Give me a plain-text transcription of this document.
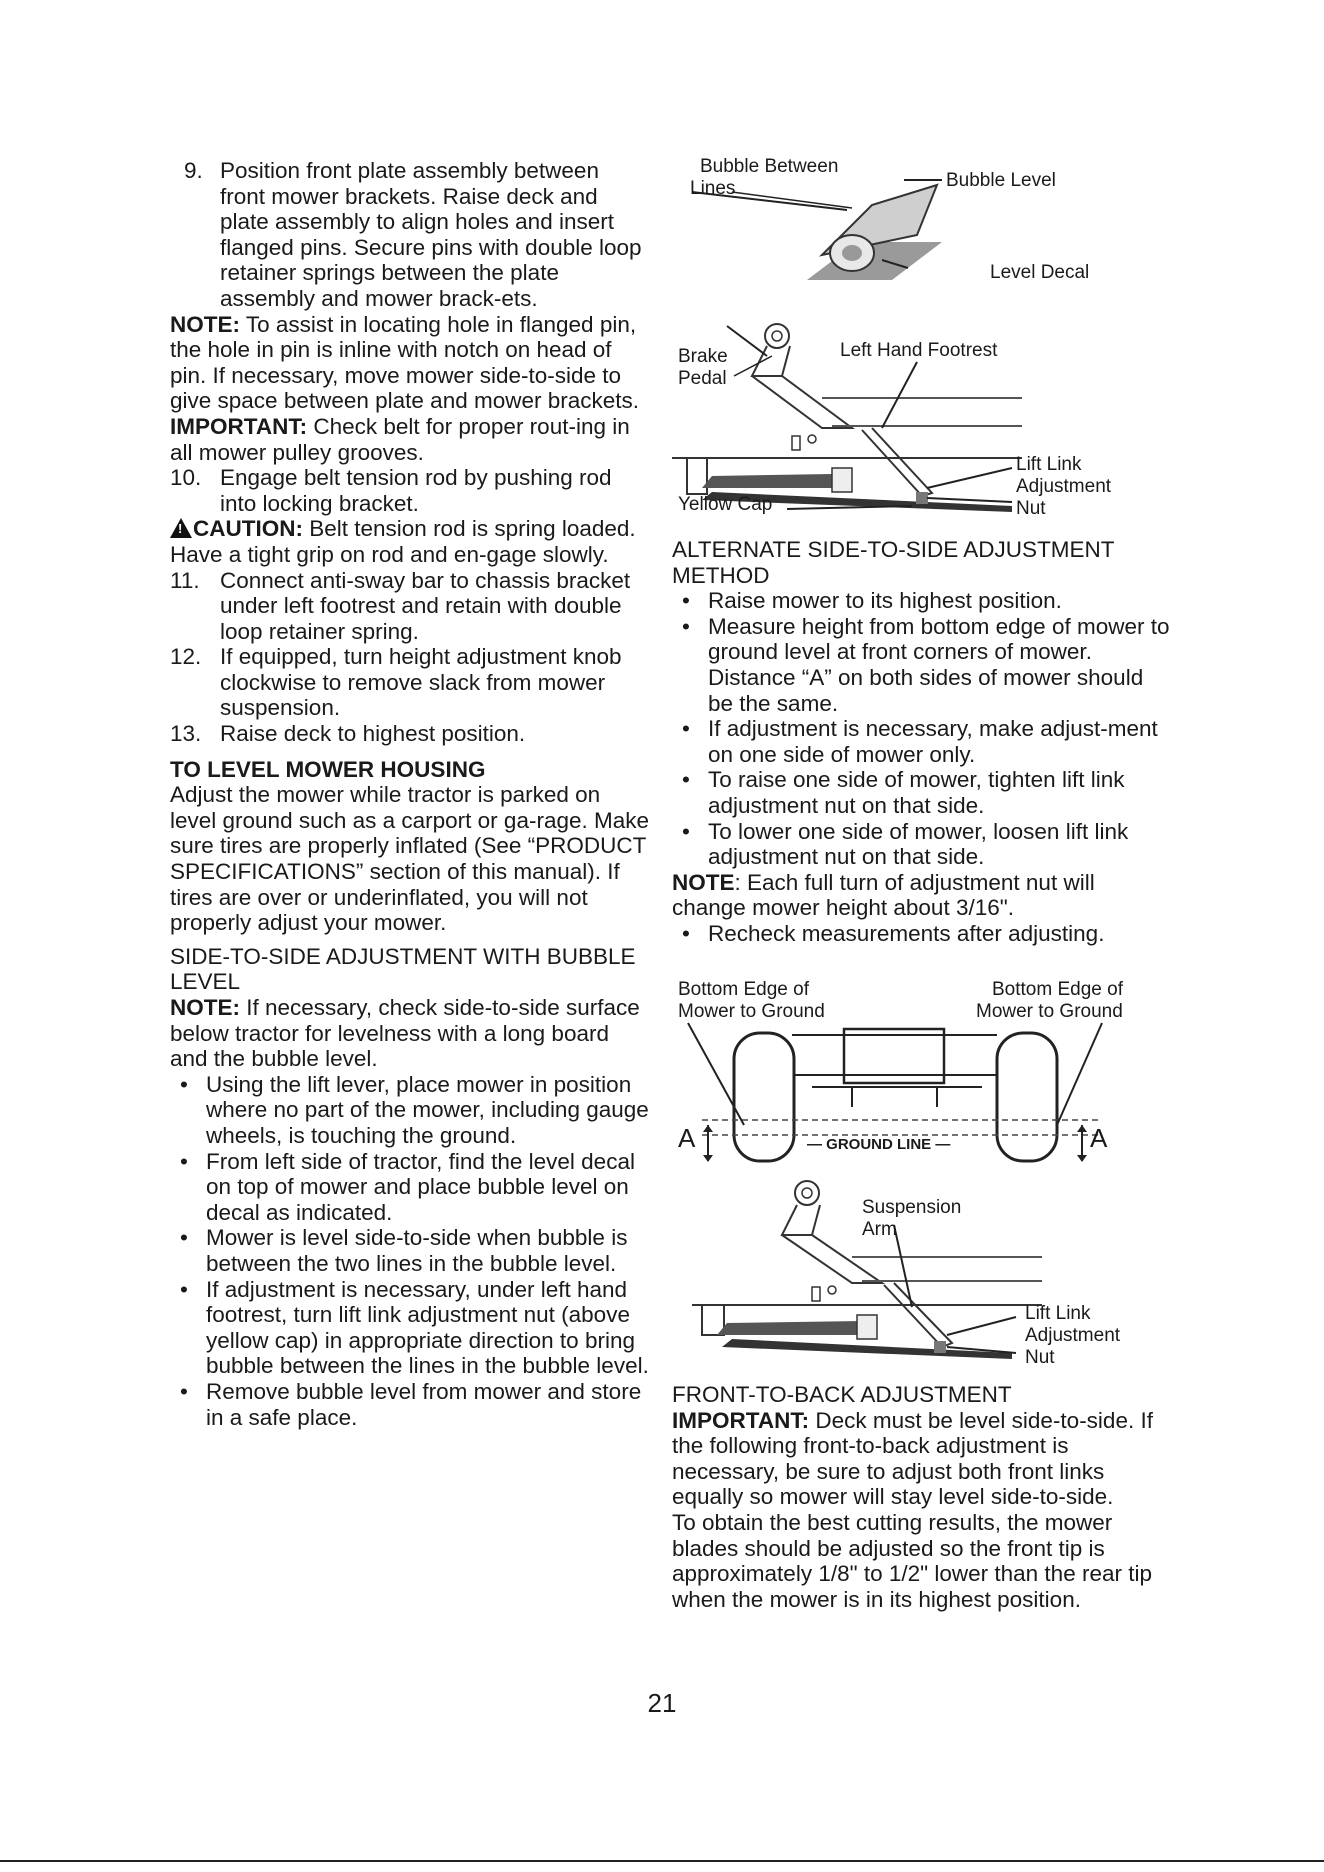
9. Position front plate assembly between front mower brackets. Raise deck and plate assembly to align holes and insert flanged pins. Secure pins with double loop retainer springs between the plate assembly and mower brack-ets.

NOTE: To assist in locating hole in flanged pin, the hole in pin is inline with notch on head of pin. If necessary, move mower side-to-side to give space between plate and mower brackets.

IMPORTANT: Check belt for proper rout-ing in all mower pulley grooves.

10. Engage belt tension rod by pushing rod into locking bracket.

! CAUTION: Belt tension rod is spring loaded. Have a tight grip on rod and en-gage slowly.

11. Connect anti-sway bar to chassis bracket under left footrest and retain with double loop retainer spring.

12. If equipped, turn height adjustment knob clockwise to remove slack from mower suspension.

13. Raise deck to highest position.

TO LEVEL MOWER HOUSING

Adjust the mower while tractor is parked on level ground such as a carport or ga-rage. Make sure tires are properly inflated (See “PRODUCT SPECIFICATIONS” section of this manual). If tires are over or underinflated, you will not properly adjust your mower.

SIDE-TO-SIDE ADJUSTMENT WITH BUBBLE LEVEL

NOTE: If necessary, check side-to-side surface below tractor for levelness with a long board and the bubble level.

• Using the lift lever, place mower in position where no part of the mower, including gauge wheels, is touching the ground.

• From left side of tractor, find the level decal on top of mower and place bubble level on decal as indicated.

• Mower is level side-to-side when bubble is between the two lines in the bubble level.

• If adjustment is necessary, under left hand footrest, turn lift link adjustment nut (above yellow cap) in appropriate direction to bring bubble between the lines in the bubble level.

• Remove bubble level from mower and store in a safe place.

Bubble Between
Lines	Bubble Level
Level Decal
Brake
Pedal
Left Hand Footrest
Lift Link
Adjustment
Nut
Yellow Cap

ALTERNATE SIDE-TO-SIDE ADJUSTMENT METHOD

• Raise mower to its highest position.

• Measure height from bottom edge of mower to ground level at front corners of mower. Distance “A” on both sides of mower should be the same.

• If adjustment is necessary, make adjust-ment on one side of mower only.

• To raise one side of mower, tighten lift link adjustment nut on that side.

• To lower one side of mower, loosen lift link adjustment nut on that side.

NOTE: Each full turn of adjustment nut will change mower height about 3/16".

• Recheck measurements after adjusting.

Bottom Edge of
Mower to Ground
Bottom Edge of
Mower to Ground
A	A
— GROUND LINE —
Suspension
Arm
Lift Link
Adjustment
Nut

FRONT-TO-BACK ADJUSTMENT

IMPORTANT: Deck must be level side-to-side. If the following front-to-back adjustment is necessary, be sure to adjust both front links equally so mower will stay level side-to-side.

To obtain the best cutting results, the mower blades should be adjusted so the front tip is approximately 1/8" to 1/2" lower than the rear tip when the mower is in its highest position.

21
